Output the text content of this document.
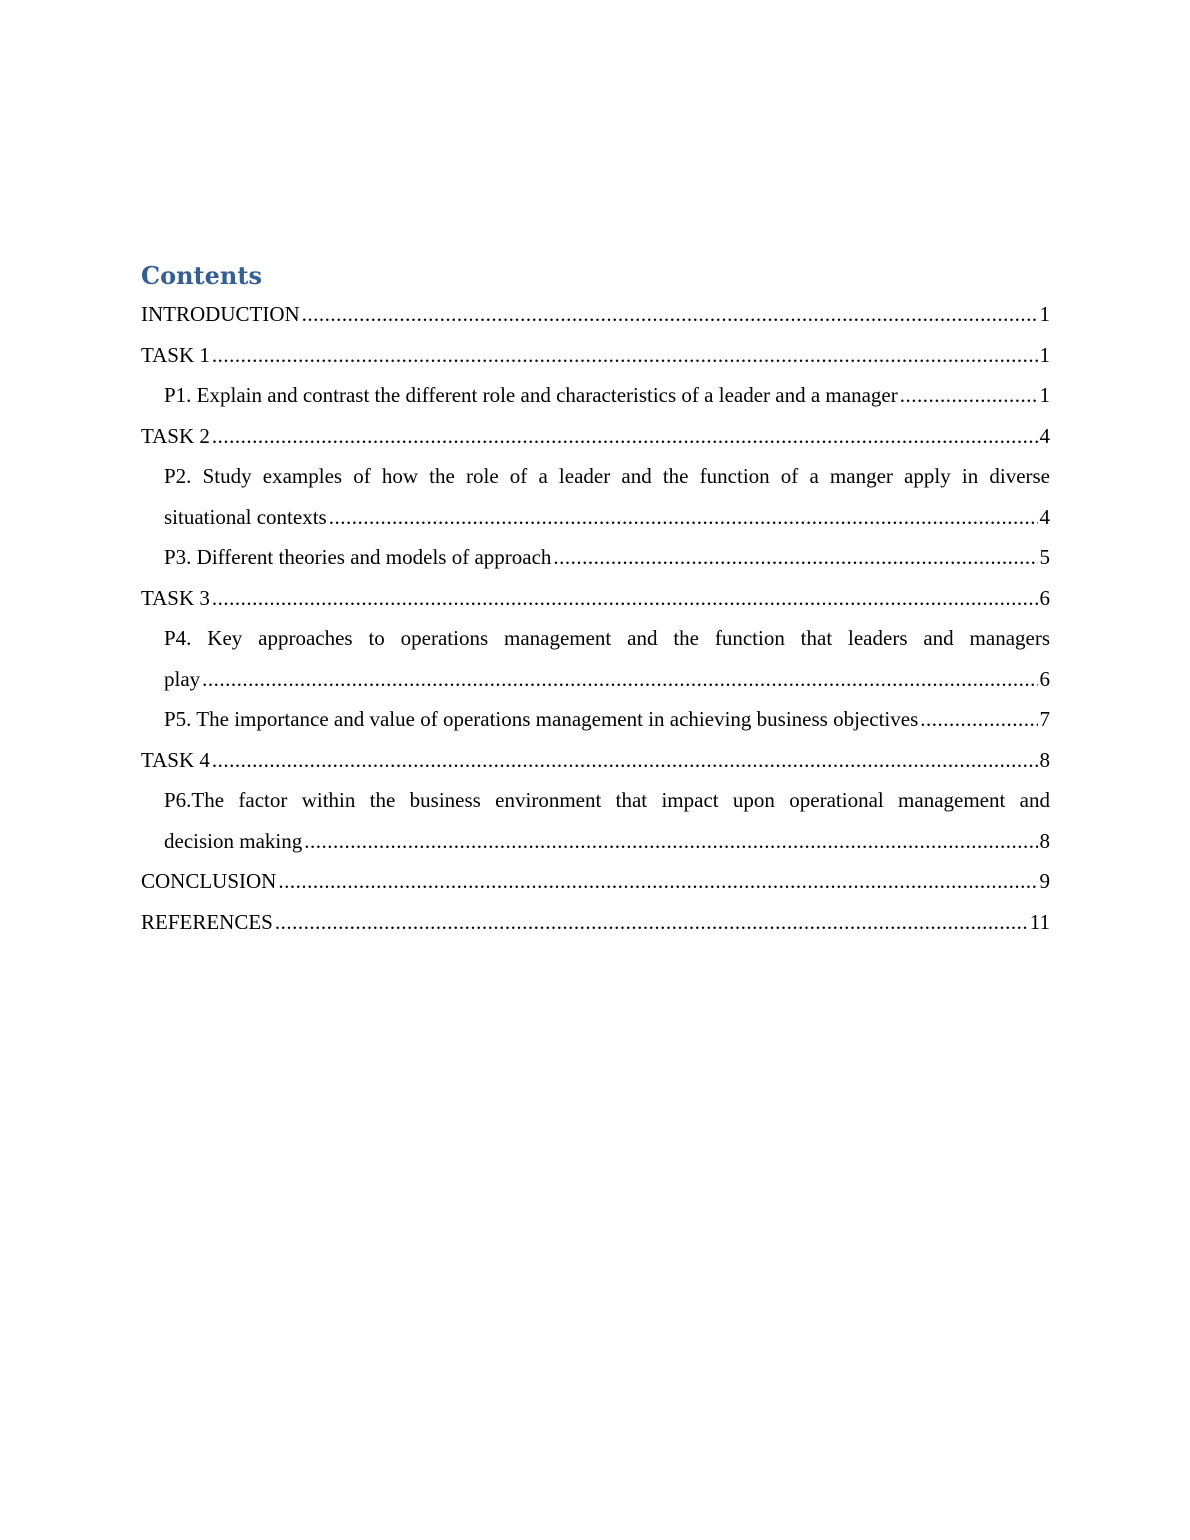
Contents
INTRODUCTION .....	1
TASK 1 .....	1
P1. Explain and contrast the different role and characteristics of a leader and a manager .....	1
TASK 2 .....	4
P2. Study examples of how the role of a leader and the function of a manger apply in diverse
situational contexts .....	4
P3. Different theories and models of approach .....	5
TASK 3 .....	6
P4. Key approaches to operations management and the function that leaders and managers
play .....	6
P5. The importance and value of operations management in achieving business objectives .....	7
TASK 4 .....	8
P6.The factor within the business environment that impact upon operational management and
decision making .....	8
CONCLUSION .....	9
REFERENCES .....	11
